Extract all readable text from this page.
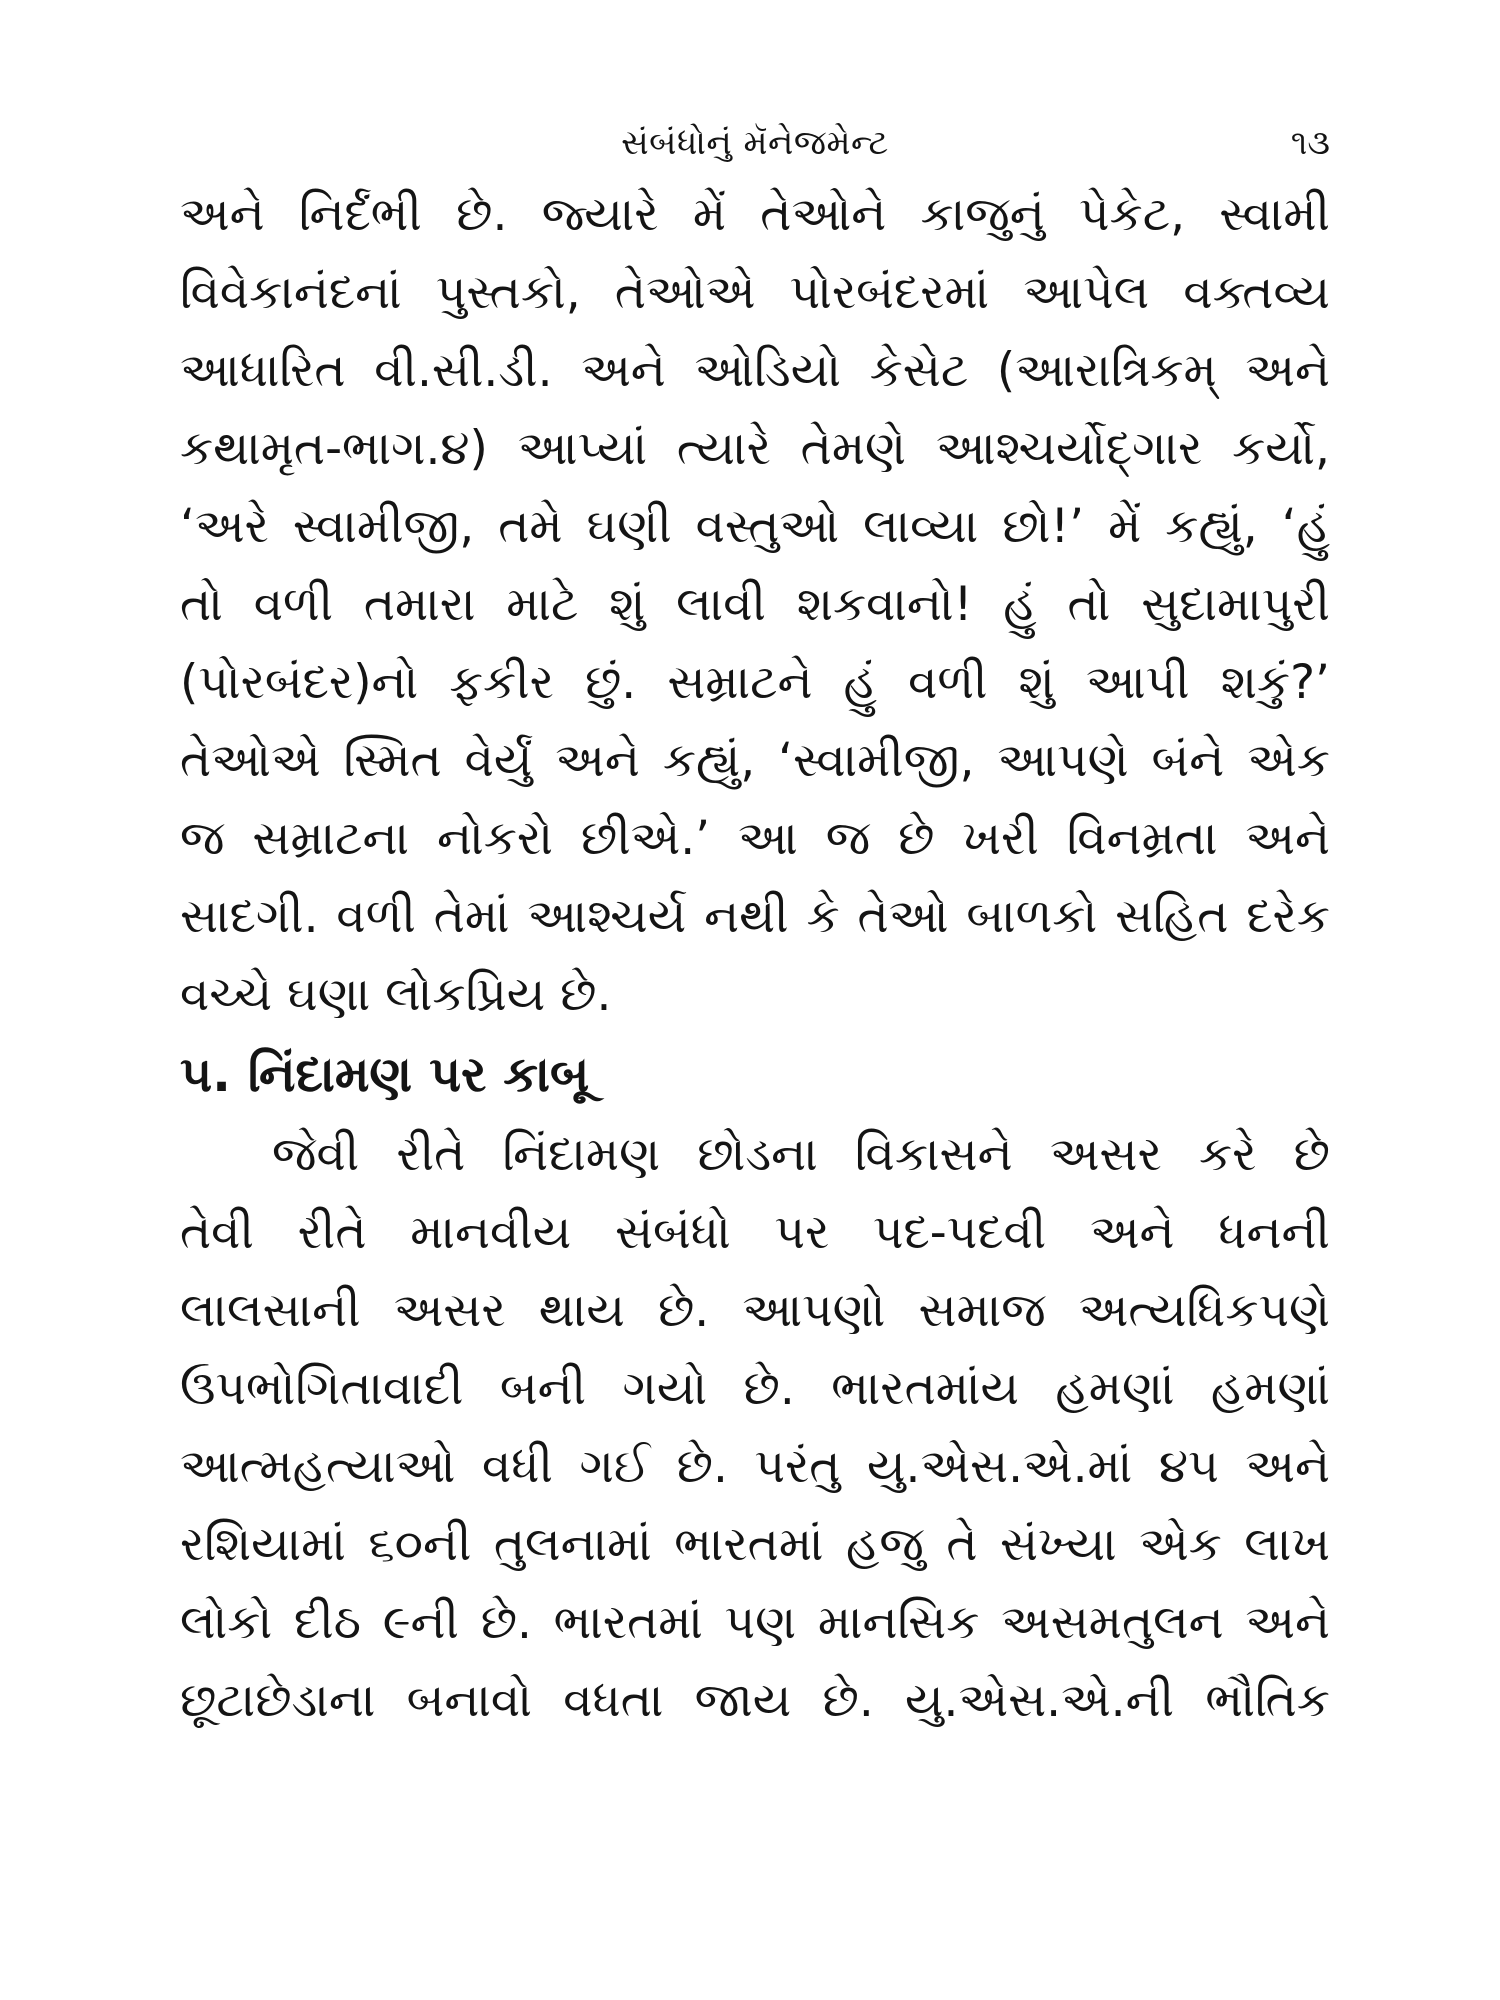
સંબંધોનું મૅનેજમેન્ટ	૧૩
અને નિર્દંભી છે. જ્યારે મેં તેઓને કાજુનું પેકેટ, સ્વામી
વિવેકાનંદનાં પુસ્તકો, તેઓએ પોરબંદરમાં આપેલ વક્તવ્ય
આધારિત વી.સી.ડી. અને ઓડિયો કેસેટ (આરાત્રિકમ્ અને
કથામૃત-ભાગ.૪) આપ્યાં ત્યારે તેમણે આશ્ચર્યોદ્ગાર કર્યો,
‘અરે સ્વામીજી, તમે ઘણી વસ્તુઓ લાવ્યા છો!’ મેં કહ્યું, ‘હું
તો વળી તમારા માટે શું લાવી શકવાનો! હું તો સુદામાપુરી
(પોરબંદર)નો ફકીર છું. સમ્રાટને હું વળી શું આપી શકું?’
તેઓએ સ્મિત વેર્યું અને કહ્યું, ‘સ્વામીજી, આપણે બંને એક
જ સમ્રાટના નોકરો છીએ.’ આ જ છે ખરી વિનમ્રતા અને
સાદગી. વળી તેમાં આશ્ચર્ય નથી કે તેઓ બાળકો સહિત દરેક
વચ્ચે ઘણા લોકપ્રિય છે.
૫. નિંદામણ પર કાબૂ
જેવી રીતે નિંદામણ છોડના વિકાસને અસર કરે છે
તેવી રીતે માનવીય સંબંધો પર પદ-પદવી અને ધનની
લાલસાની અસર થાય છે. આપણો સમાજ અત્યધિકપણે
ઉપભોગિતાવાદી બની ગયો છે. ભારતમાંય હમણાં હમણાં
આત્મહત્યાઓ વધી ગઈ છે. પરંતુ યુ.એસ.એ.માં ૪૫ અને
રશિયામાં ૬૦ની તુલનામાં ભારતમાં હજુ તે સંખ્યા એક લાખ
લોકો દીઠ ૯ની છે. ભારતમાં પણ માનસિક અસમતુલન અને
છૂટાછેડાના બનાવો વધતા જાય છે. યુ.એસ.એ.ની ભૌતિક
